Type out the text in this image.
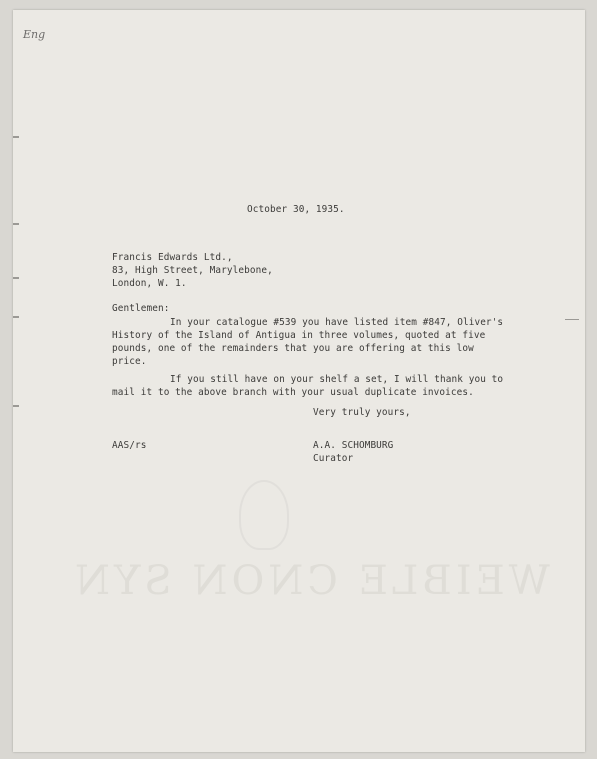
Eng
WEIBLE CNON SYN
October 30, 1935.
Francis Edwards Ltd.,
83, High Street, Marylebone,
London, W. 1.
Gentlemen:
In your catalogue #539 you have listed item #847, Oliver's
History of the Island of Antigua in three volumes, quoted at five
pounds, one of the remainders that you are offering at this low
price.
If you still have on your shelf a set, I will thank you to
mail it to the above branch with your usual duplicate invoices.
Very truly yours,
AAS/rs	A.A. SCHOMBURG
Curator
